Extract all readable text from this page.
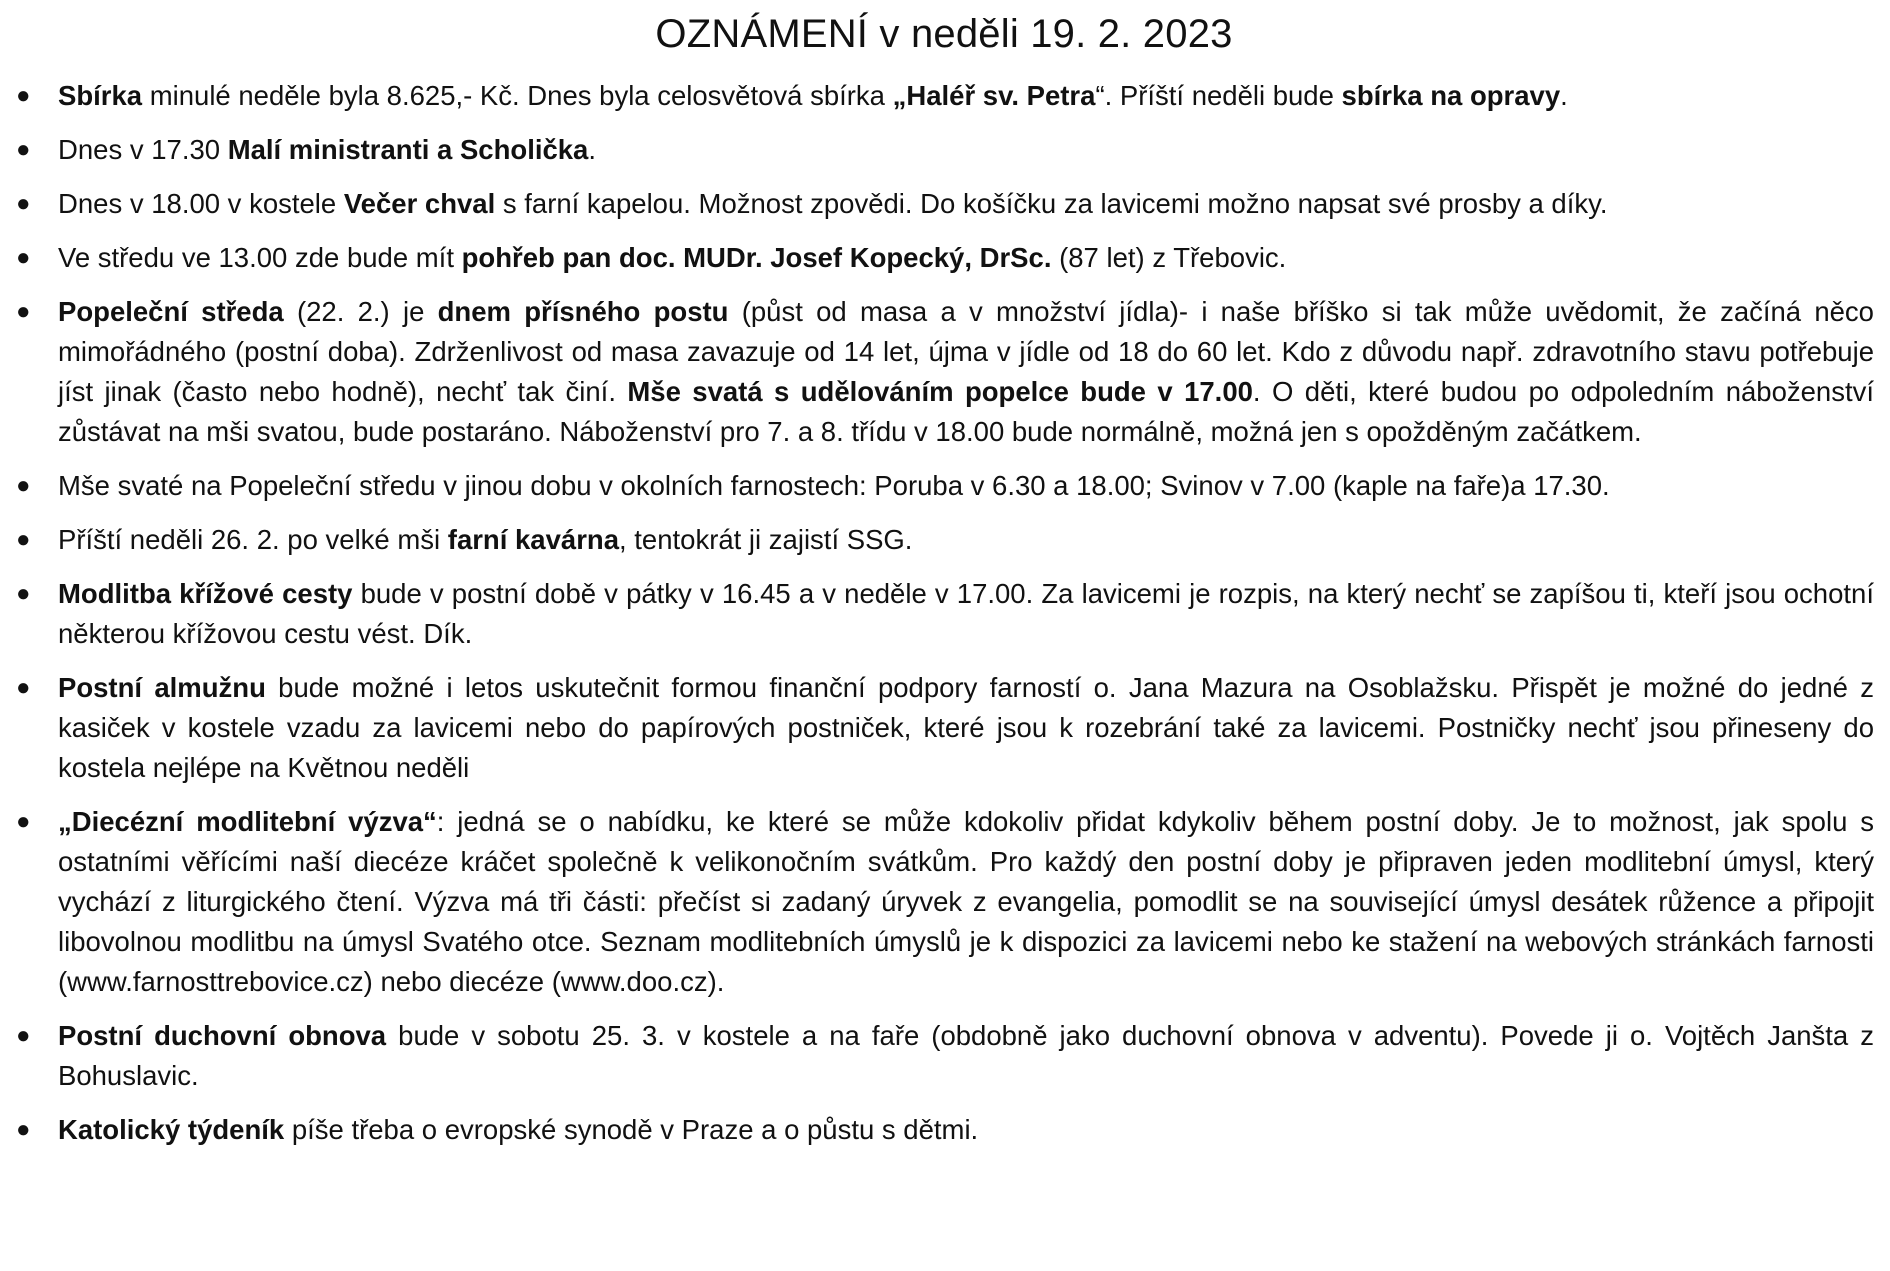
OZNÁMENÍ v neděli 19. 2. 2023
●	Sbírka minulé neděle byla 8.625,- Kč. Dnes byla celosvětová sbírka „Haléř sv. Petra“. Příští neděli bude sbírka na opravy.
●	Dnes v 17.30 Malí ministranti a Scholička.
●	Dnes v 18.00 v kostele Večer chval s farní kapelou. Možnost zpovědi. Do košíčku za lavicemi možno napsat své prosby a díky.
●	Ve středu ve 13.00 zde bude mít pohřeb pan doc. MUDr. Josef Kopecký, DrSc. (87 let) z Třebovic.
●	Popeleční středa (22. 2.) je dnem přísného postu (půst od masa a v množství jídla)- i naše bříško si tak může uvědomit, že začíná něco mimořádného (postní doba). Zdrženlivost od masa zavazuje od 14 let, újma v jídle od 18 do 60 let. Kdo z důvodu např. zdravotního stavu potřebuje jíst jinak (často nebo hodně), nechť tak činí. Mše svatá s udělováním popelce bude v 17.00. O děti, které budou po odpoledním náboženství zůstávat na mši svatou, bude postaráno. Náboženství pro 7. a 8. třídu v 18.00 bude normálně, možná jen s opožděným začátkem.
●	Mše svaté na Popeleční středu v jinou dobu v okolních farnostech: Poruba v 6.30 a 18.00; Svinov v 7.00 (kaple na faře)a 17.30.
●	Příští neděli 26. 2. po velké mši farní kavárna, tentokrát ji zajistí SSG.
●	Modlitba křížové cesty bude v postní době v pátky v 16.45 a v neděle v 17.00. Za lavicemi je rozpis, na který nechť se zapíšou ti, kteří jsou ochotní některou křížovou cestu vést. Dík.
●	Postní almužnu bude možné i letos uskutečnit formou finanční podpory farností o. Jana Mazura na Osoblažsku. Přispět je možné do jedné z kasiček v kostele vzadu za lavicemi nebo do papírových postniček, které jsou k rozebrání také za lavicemi. Postničky nechť jsou přineseny do kostela nejlépe na Květnou neděli
●	„Diecézní modlitební výzva“: jedná se o nabídku, ke které se může kdokoliv přidat kdykoliv během postní doby. Je to možnost, jak spolu s ostatními věřícími naší diecéze kráčet společně k velikonočním svátkům. Pro každý den postní doby je připraven jeden modlitební úmysl, který vychází z liturgického čtení. Výzva má tři části: přečíst si zadaný úryvek z evangelia, pomodlit se na související úmysl desátek růžence a připojit libovolnou modlitbu na úmysl Svatého otce. Seznam modlitebních úmyslů je k dispozici za lavicemi nebo ke stažení na webových stránkách farnosti (www.farnosttrebovice.cz) nebo diecéze (www.doo.cz).
●	Postní duchovní obnova bude v sobotu 25. 3. v kostele a na faře (obdobně jako duchovní obnova v adventu). Povede ji o. Vojtěch Janšta z Bohuslavic.
●	Katolický týdeník píše třeba o evropské synodě v Praze a o půstu s dětmi.
